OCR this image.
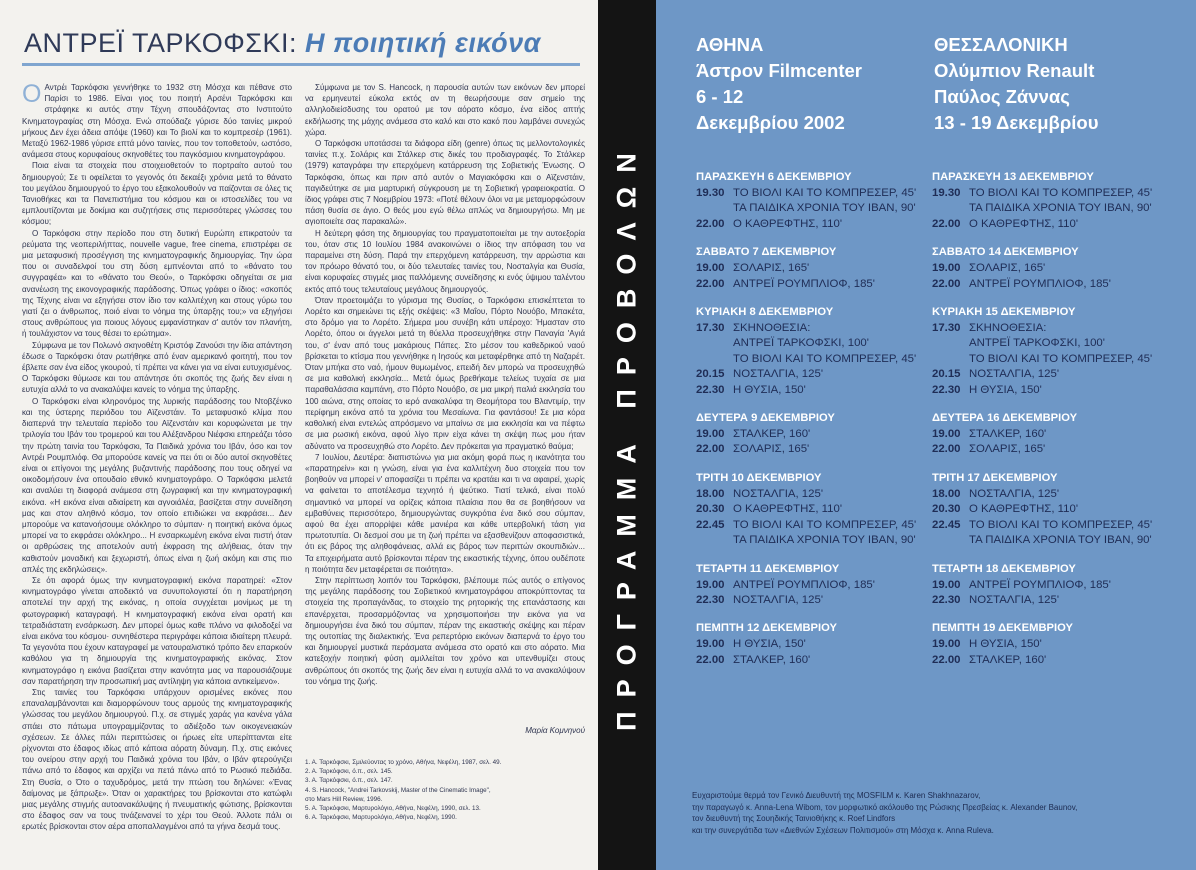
ΑΝΤΡΕΪ ΤΑΡΚΟΦΣΚΙ: Η ποιητική εικόνα

ΟΑντρέι Ταρκόφσκι γεννήθηκε το 1932 στη Μόσχα και πέθανε στο Παρίσι το 1986. Είναι γιος του ποιητή Αρσένι Ταρκόφσκι και στράφηκε κι αυτός στην Τέχνη σπουδάζοντας στο Ινστιτούτο Κινηματογραφίας στη Μόσχα. Ενώ σπούδαζε γύρισε δύο ταινίες μικρού μήκους Δεν έχει άδεια απόψε (1960) και Το βιολί και το κομπρεσέρ (1961). Μεταξύ 1962-1986 γύρισε επτά μόνο ταινίες, που τον τοποθετούν, ωστόσο, ανάμεσα στους κορυφαίους σκηνοθέτες του παγκόσμιου κινηματογράφου.

Ποια είναι τα στοιχεία που στοιχειοθετούν το πορτραίτο αυτού του δημιουργού; Σε τι οφείλεται το γεγονός ότι δεκαέξι χρόνια μετά το θάνατο του μεγάλου δημιουργού το έργο του εξακολουθούν να παίζονται σε όλες τις Τανιοθήκες και τα Πανεπιστήμια του κόσμου και οι ιστοσελίδες του να εμπλουτίζονται με δοκίμια και συζητήσεις στις περισσότερες γλώσσες του κόσμου;

Ο Ταρκόφσκι στην περίοδο που στη δυτική Ευρώπη επικρατούν τα ρεύματα της νεοπεριλήπτας, nouvelle vague, free cinema, επιστρέφει σε μια μεταφυσική προσέγγιση της κινηματογραφικής δημιουργίας. Την ώρα που οι συναδελφοί του στη δύση εμπνέονται από το «θάνατο του συγγραφέα» και το «θάνατο του Θεού», ο Ταρκόφσκι οδηγείται σε μια ανανέωση της εικονογραφικής παράδοσης. Όπως γράφει ο ίδιος: «σκοπός της Τέχνης είναι να εξηγήσει στον ίδιο τον καλλιτέχνη και στους γύρω του γιατί ζει ο άνθρωπος, ποιό είναι το νόημα της ύπαρξης του;» να εξηγήσει στους ανθρώπους για ποιους λόγους εμφανίστηκαν σ' αυτόν τον πλανήτη, ή τουλάχιστον να τους θέσει το ερώτημα».

Σύμφωνα με τον Πολωνό σκηνοθέτη Κριστόφ Ζανούσι την ίδια απάντηση έδωσε ο Ταρκόφσκι όταν ρωτήθηκε από έναν αμερικανό φοιτητή, που τον έβλεπε σαν ένα είδος γκουρού, τί πρέπει να κάνει για να είναι ευτυχισμένος. Ο Ταρκόφσκι θύμωσε και του απάντησε ότι σκοπός της ζωής δεν είναι η ευτυχία αλλά το να ανακαλύψει κανείς το νόημα της ύπαρξης.

Ο Ταρκόφσκι είναι κληρονόμος της λυρικής παράδοσης του Ντοβζένκο και της ύστερης περιόδου του Αϊζενστάιν. Το μεταφυσικό κλίμα που διαπερνά την τελευταία περίοδο του Αϊζενστάιν και κορυφώνεται με την τριλογία του Ιβάν του τρομερού και του Αλέξανδρου Νιέφσκι επηρεάζει τόσο την πρώτη ταινία του Ταρκόφσκι, Τα Παιδικά χρόνια του Ιβάν, όσο και τον Αντρέι Ρουμπλιόφ. Θα μπορούσε κανείς να πει ότι οι δύο αυτοί σκηνοθέτες είναι οι επίγονοι της μεγάλης βυζαντινής παράδοσης που τους οδηγεί να οικοδομήσουν ένα οπουδαίο εθνικό κινηματογράφο. Ο Ταρκόφσκι μελετά και αναλύει τη διαφορά ανάμεσα στη ζωγραφική και την κινηματογραφική εικόνα. «Η εικόνα είναι αδιαίρετη και αγνοιάλέα, βασίζεται στην συνείδηση μας και στον αληθινό κόσμο, τον οποίο επιδιώκει να εκφράσει... Δεν μπορούμε να κατανοήσουμε ολόκληρο το σύμπαν· η ποιητική εικόνα όμως μπορεί να το εκφράσει ολόκληρο... Η ενσαρκωμένη εικόνα είναι πιστή όταν οι αρθρώσεις της αποτελούν αυτή έκφραση της αλήθειας, όταν την καθιστούν μοναδική και ξεχωριστή, όπως είναι η ζωή ακόμη και στις πιο απλές της εκδηλώσεις».

Σε ότι αφορά όμως την κινηματογραφική εικόνα παρατηρεί: «Στον κινηματογράφο γίνεται αποδεκτό να συνυπολογιστεί ότι η παρατήρηση αποτελεί την αρχή της εικόνας, η οποία συγχέεται μονίμως με τη φωτογραφική καταγραφή. Η κινηματογραφική εικόνα είναι ορατή και τετραδιάστατη ενσάρκωση. Δεν μπορεί όμως καθε πλάνο να φιλοδοξεί να είναι εικόνα του κόσμου· συνηθέστερα περιγράφει κάποια ιδιαίτερη πλευρά. Τα γεγονότα που έχουν καταγραφεί με νατουραλιστικό τρόπο δεν επαρκούν καθόλου για τη δημιουργία της κινηματογραφικής εικόνας. Στον κινηματογράφο η εικόνα βασίζεται στην ικανότητα μας να παρουσιάζουμε σαν παρατήρηση την προσωπική μας αντίληψη για κάποια αντικείμενο».

Στις ταινίες του Ταρκόφσκι υπάρχουν ορισμένες εικόνες που επαναλαμβάνονται και διαμορφώνουν τους αρμούς της κινηματογραφικής γλώσσας του μεγάλου δημιουργού. Π.χ. σε στιγμές χαράς για κανένα γάλα σπάει στο πάτωμα υπογραμμίζοντας το αδιέξοδο των οικογενειακών σχέσεων. Σε άλλες πάλι περιπτώσεις οι ήρωες είτε υπερίπτανται είτε ρίχνονται στο έδαφος ιδίως από κάποια αόρατη δύναμη. Π.χ. στις εικόνες του ονείρου στην αρχή του Παιδικά χρόνια του Ιβάν, ο Ιβάν φτερούγιζει πάνω από το έδαφος και αρχίζει να πετά πάνω από το Ρωσικό πεδιάδα. Στη Θυσία, ο Ότο ο ταχυδρόμος, μετά την πτώση του δηλώνει: «Ένας δαίμονας με ξάπρωξε». Όταν οι χαρακτήρες του βρίσκονται στο κατώφλι μιας μεγάλης στιγμής αυτοανακάλυψης ή πνευματικής φώτισης, βρίσκονται στο έδαφος σαν να τους τινάζεινανεί το χέρι του Θεού. Άλλοτε πάλι οι ερωτές βρίσκονται στον αέρα αποπαλλαγμένοι από τα γήινα δεσμά τους.

Σύμφωνα με τον S. Hancock, η παρουσία αυτών των εικόνων δεν μπορεί να ερμηνευτεί εύκολα εκτός αν τη θεωρήσουμε σαν σημείο της αλληλοδιείσδυσης του ορατού με τον αόρατο κόσμο, ένα είδος απτής εκδήλωσης της μάχης ανάμεσα στο καλό και στο κακό που λαμβάνει συνεχώς χώρα.

Ο Ταρκόφσκι υποτάσσει τα διάφορα είδη (genre) όπως τις μελλοντολογικές ταινίες π.χ. Σολάρις και Στάλκερ στις δικές του προδιαγραφές. Το Στάλκερ (1979) καταγράφει την επερχόμενη κατάρρευση της Σοβιετικής Ένωσης. Ο Ταρκόφσκι, όπως και πριν από αυτόν ο Μαγιακόφσκι και ο Αϊζενστάιν, παγιδεύτηκε σε μια μαρτυρική σύγκρουση με τη Σοβιετική γραφειοκρατία. Ο ίδιος γράφει στις 7 Νοεμβρίου 1973: «Ποτέ θέλουν όλοι να με μεταμορφώσουν πάση θυσία σε άγιο. Ο θεός μου εγώ θέλω απλώς να δημιουργήσω. Μη με αγιοποιείτε σας παρακαλώ».

Η δεύτερη φάση της δημιουργίας του πραγματοποιείται με την αυτοεξορία του, όταν στις 10 Ιουλίου 1984 ανακοινώνει ο ίδιος την απόφαση του να παραμείνει στη δύση. Παρά την επερχόμενη κατάρρευση, την αρρώστια και τον πρόωρο θάνατό του, οι δύο τελευταίες ταινίες του, Νοσταλγία και Θυσία, είναι κορυφαίες στιγμές μιας παλλόμενης συνείδησης κι ενός ύψιμου ταλέντου εκτός από τους τελευταίους μεγάλους δημιουργούς.

Όταν προετοιμάζει το γύρισμα της Θυσίας, ο Ταρκόφσκι επισκέπτεται το Λορέτο και σημειώνει τις εξής σκέψεις: «3 Μαΐου, Πόρτο Νουόβο, Μπακέτα, στο δρόμο για το Λορέτο. Σήμερα μου συνέβη κάτι υπέροχο: Ήμασταν στο Λορέτο, όπου οι άγγελοι μετά τη θύελλα προσευχήθηκε στην Παναγία 'Αγιά του, σ' έναν από τους μακάριους Πάπες. Στο μέσον του καθεδρικού ναού βρίσκεται το κτίσμα που γεννήθηκε η Ιησούς και μεταφέρθηκε από τη Ναζαρέτ. Όταν μπήκα στο ναό, ήμουν θυμωμένος, επειδή δεν μπορώ να προσευχηθώ σε μια καθολική εκκλησία... Μετά όμως βρεθήκαμε τελείως τυχαία σε μια παραθαλάσσια καμπάνη, στο Πόρτο Νουόβο, σε μια μικρή παλιά εκκλησία του 100 αιώνα, στης οποίας το ιερό ανακαλύφα τη Θεομήτορα του Βλαντιμίρ, την περίφημη εικόνα από τα χρόνια του Μεσαίωνα. Για φαντάσου! Σε μια κόρα καθολική είναι εντελώς απρόσμενο να μπαίνω σε μια εκκλησία και να πέφτω σε μια ρωσική εικόνα, αφού λίγο πριν είχα κάνει τη σκέψη πως μου ήταν αδύνατο να προσευχηθώ στο Λορέτο. Δεν πρόκειται για πραγματικό θαύμα;

7 Ιουλίου, Δευτέρα: διαπιστώνω για μια ακόμη φορά πως η ικανότητα του «παρατηρείν» και η γνώση, είναι για ένα καλλιτέχνη δυο στοιχεία που τον βοηθούν να μπορεί ν' αποφασίζει τι πρέπει να κρατάει και τι να αφαιρεί, χωρίς να φαίνεται το αποτέλεσμα τεχνητό ή ψεύτικο. Τιατί τελικά, είναι πολύ σημαντικό να μπορεί να ορίζεις κάποια πλαίσια που θα σε βοηθήσουν να εμβαθύνεις περισσότερο, δημιουργώντας συγκρότια ένα δικό σου σύμπαν, αφού θα έχει απορρίψει κάθε μανιέρα και κάθε υπερβολική τάση για πρωτοτυπία. Οι δεσμοί σου με τη ζωή πρέπει να εξασθενίζουν αποφασιστικά, ότι εις βάρος της αληθοφάνειας, αλλά εις βάρος των περιττών σκουπιδιών... Τα επιχειρήματα αυτό βρίσκονται πέραν της εικαστικής τέχνης, όπου ουδέποτε η ποιότητα δεν μεταφέρεται σε ποιότητα».

Στην περίπτωση λοιπόν του Ταρκόφσκι, βλέπουμε πώς αυτός ο επίγονος της μεγάλης παράδοσης του Σοβιετικού κινηματογράφου αποκρύπτοντας τα στοιχεία της προπαγάνδας, το στοιχείο της ρητορικής της επανάστασης και επανέρχεται, προσαρμόζοντας να χρησιμοποιήσει την εικόνα για να δημιουργήσει ένα δικό του σύμπαν, πέραν της εικαστικής σκέψης και πέραν της ουτοπίας της διαλεκτικής. Ένα ρεπερτόριο εικόνων διαπερνά το έργο του και δημιουργεί μυστικά περάσματα ανάμεσα στο ορατό και στο αόρατο. Μια κατεξοχήν ποιητική φύση αμιλλείται τον χρόνο και υπενθυμίζει στους ανθρώπους ότι σκοπός της ζωής δεν είναι η ευτυχία αλλά το να ανακαλύψουν του νόημα της ζωής.

Μαρία Κομνηνού
1. Α. Ταρκόφσκι, Σμιλεύοντας το χρόνο, Αθήνα, Νεφέλη, 1987, σελ. 49.
2. Α. Ταρκόφσκι, ό.π., σελ. 145.
3. Α. Ταρκόφσκι, ό.π., σελ. 147.
4. S. Hancock, "Andrei Tarkovskij, Master of the Cinematic Image",
στο Mars Hill Review, 1996.
5. Α. Ταρκόφσκι, Μαρτυρολόγιο, Αθήνα, Νεφέλη, 1990, σελ. 13.
6. Α. Ταρκόφσκι, Μαρτυρολόγιο, Αθήνα, Νεφέλη, 1990.
ΠΡΟΓΡΑΜΜΑ ΠΡΟΒΟΛΩΝ
ΑΘΗΝΑ
Άστρον Filmcenter
6 - 12
Δεκεμβρίου 2002
ΘΕΣΣΑΛΟΝΙΚΗ
Ολύμπιον Renault
Παύλος Ζάννας
13 - 19 Δεκεμβρίου
ΠΑΡΑΣΚΕΥΗ 6 ΔΕΚΕΜΒΡΙΟΥ
19.30 ΤΟ ΒΙΟΛΙ ΚΑΙ ΤΟ ΚΟΜΠΡΕΣΕΡ, 45'
ΤΑ ΠΑΙΔΙΚΑ ΧΡΟΝΙΑ ΤΟΥ ΙΒΑΝ, 90'
22.00 Ο ΚΑΘΡΕΦΤΗΣ, 110'
ΣΑΒΒΑΤΟ 7 ΔΕΚΕΜΒΡΙΟΥ
19.00 ΣΟΛΑΡΙΣ, 165'
22.00 ΑΝΤΡΕΪ ΡΟΥΜΠΛΙΟΦ, 185'
ΚΥΡΙΑΚΗ 8 ΔΕΚΕΜΒΡΙΟΥ
17.30 ΣΚΗΝΟΘΕΣΙΑ:
ΑΝΤΡΕΪ ΤΑΡΚΟΦΣΚΙ, 100'
ΤΟ ΒΙΟΛΙ ΚΑΙ ΤΟ ΚΟΜΠΡΕΣΕΡ, 45'
20.15 ΝΟΣΤΑΛΓΙΑ, 125'
22.30 Η ΘΥΣΙΑ, 150'
ΔΕΥΤΕΡΑ 9 ΔΕΚΕΜΒΡΙΟΥ
19.00 ΣΤΑΛΚΕΡ, 160'
22.00 ΣΟΛΑΡΙΣ, 165'
ΤΡΙΤΗ 10 ΔΕΚΕΜΒΡΙΟΥ
18.00 ΝΟΣΤΑΛΓΙΑ, 125'
20.30 Ο ΚΑΘΡΕΦΤΗΣ, 110'
22.45 ΤΟ ΒΙΟΛΙ ΚΑΙ ΤΟ ΚΟΜΠΡΕΣΕΡ, 45'
ΤΑ ΠΑΙΔΙΚΑ ΧΡΟΝΙΑ ΤΟΥ ΙΒΑΝ, 90'
ΤΕΤΑΡΤΗ 11 ΔΕΚΕΜΒΡΙΟΥ
19.00 ΑΝΤΡΕΪ ΡΟΥΜΠΛΙΟΦ, 185'
22.30 ΝΟΣΤΑΛΓΙΑ, 125'
ΠΕΜΠΤΗ 12 ΔΕΚΕΜΒΡΙΟΥ
19.00 Η ΘΥΣΙΑ, 150'
22.00 ΣΤΑΛΚΕΡ, 160'
ΠΑΡΑΣΚΕΥΗ 13 ΔΕΚΕΜΒΡΙΟΥ
19.30 ΤΟ ΒΙΟΛΙ ΚΑΙ ΤΟ ΚΟΜΠΡΕΣΕΡ, 45'
ΤΑ ΠΑΙΔΙΚΑ ΧΡΟΝΙΑ ΤΟΥ ΙΒΑΝ, 90'
22.00 Ο ΚΑΘΡΕΦΤΗΣ, 110'
ΣΑΒΒΑΤΟ 14 ΔΕΚΕΜΒΡΙΟΥ
19.00 ΣΟΛΑΡΙΣ, 165'
22.00 ΑΝΤΡΕΪ ΡΟΥΜΠΛΙΟΦ, 185'
ΚΥΡΙΑΚΗ 15 ΔΕΚΕΜΒΡΙΟΥ
17.30 ΣΚΗΝΟΘΕΣΙΑ:
ΑΝΤΡΕΪ ΤΑΡΚΟΦΣΚΙ, 100'
ΤΟ ΒΙΟΛΙ ΚΑΙ ΤΟ ΚΟΜΠΡΕΣΕΡ, 45'
20.15 ΝΟΣΤΑΛΓΙΑ, 125'
22.30 Η ΘΥΣΙΑ, 150'
ΔΕΥΤΕΡΑ 16 ΔΕΚΕΜΒΡΙΟΥ
19.00 ΣΤΑΛΚΕΡ, 160'
22.00 ΣΟΛΑΡΙΣ, 165'
ΤΡΙΤΗ 17 ΔΕΚΕΜΒΡΙΟΥ
18.00 ΝΟΣΤΑΛΓΙΑ, 125'
20.30 Ο ΚΑΘΡΕΦΤΗΣ, 110'
22.45 ΤΟ ΒΙΟΛΙ ΚΑΙ ΤΟ ΚΟΜΠΡΕΣΕΡ, 45'
ΤΑ ΠΑΙΔΙΚΑ ΧΡΟΝΙΑ ΤΟΥ ΙΒΑΝ, 90'
ΤΕΤΑΡΤΗ 18 ΔΕΚΕΜΒΡΙΟΥ
19.00 ΑΝΤΡΕΪ ΡΟΥΜΠΛΙΟΦ, 185'
22.30 ΝΟΣΤΑΛΓΙΑ, 125'
ΠΕΜΠΤΗ 19 ΔΕΚΕΜΒΡΙΟΥ
19.00 Η ΘΥΣΙΑ, 150'
22.00 ΣΤΑΛΚΕΡ, 160'
Ευχαριστούμε θερμά τον Γενικό Διευθυντή της MOSFILM κ. Karen Shakhnazarov,
την παραγωγό κ. Anna-Lena Wibom, τον μορφωτικό ακόλουθο της Ρώσικης Πρεσβείας κ. Alexander Baunov,
τον διευθυντή της Σουηδικής Ταινιοθήκης κ. Roef Lindfors
και την συνεργάτιδα των «Διεθνών Σχέσεων Πολιτισμού» στη Μόσχα κ. Anna Ruleva.
